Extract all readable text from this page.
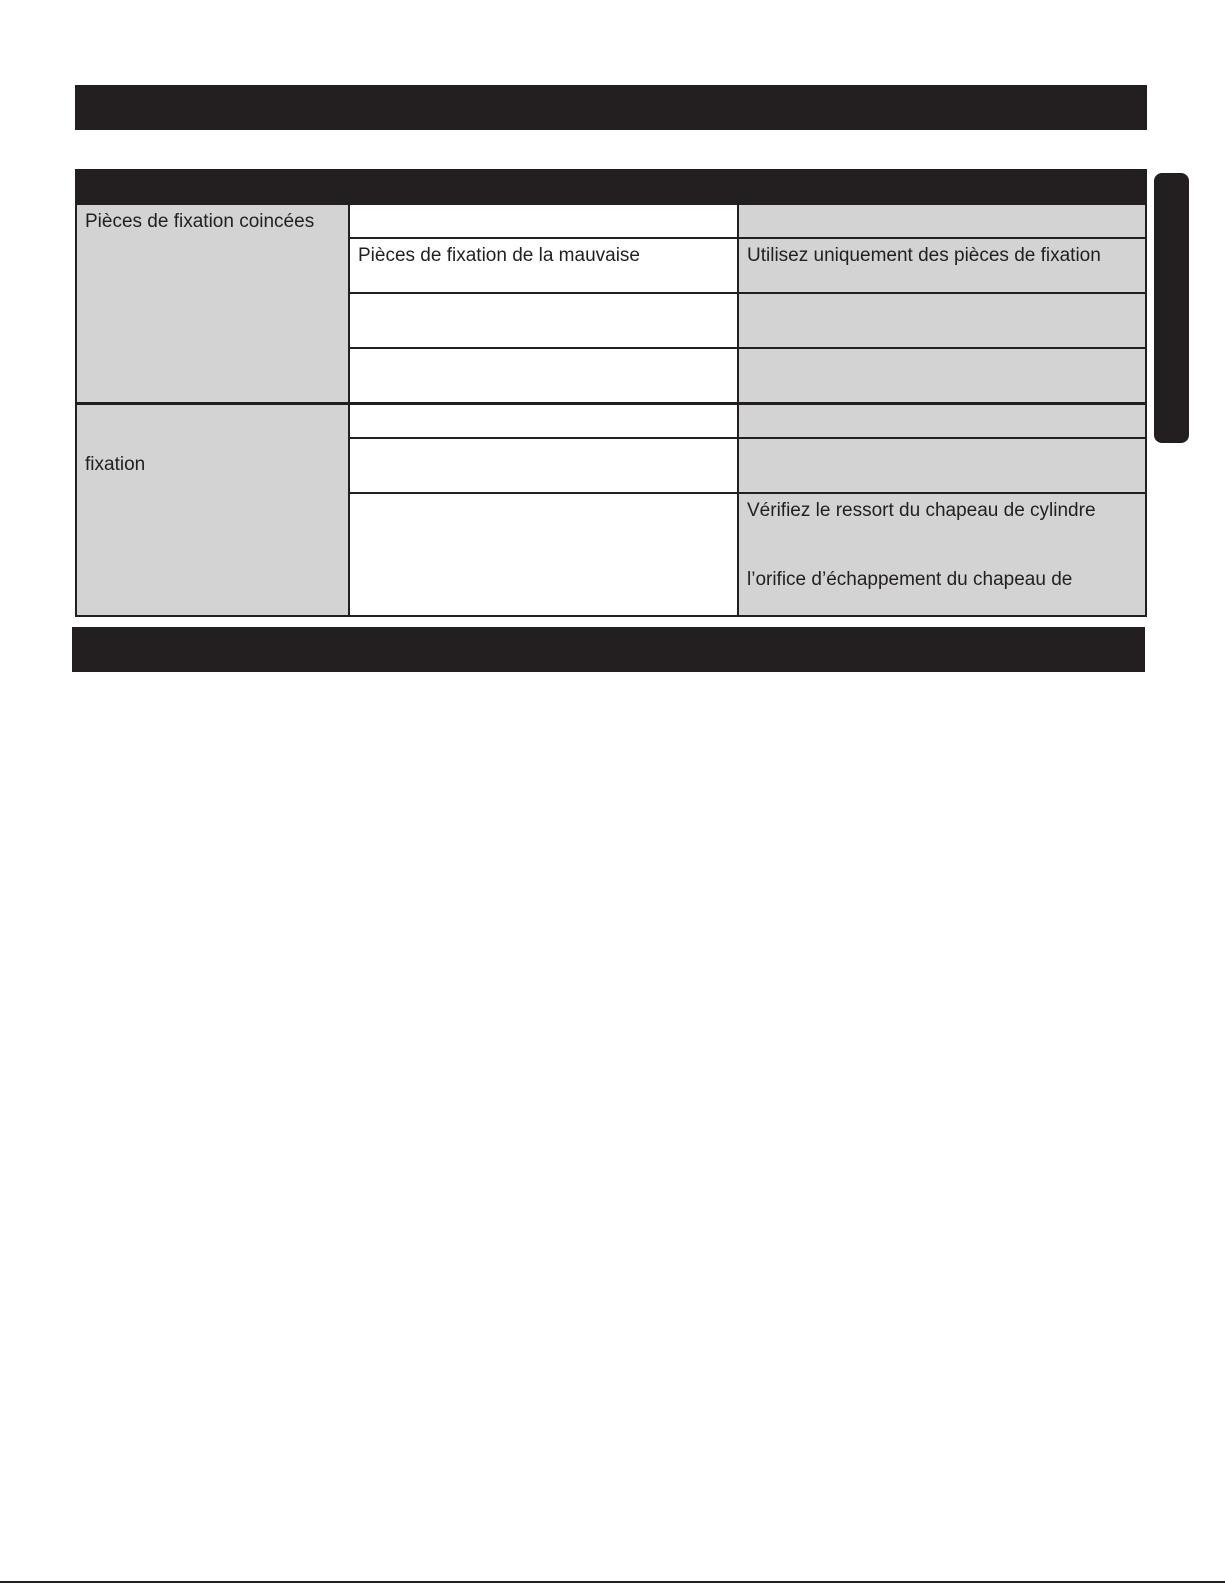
Pièces de fixation coincées
Pièces de fixation de la mauvaise	Utilisez uniquement des pièces de fixation
fixation
Vérifiez le ressort du chapeau de cylindre
l’orifice d’échappement du chapeau de
